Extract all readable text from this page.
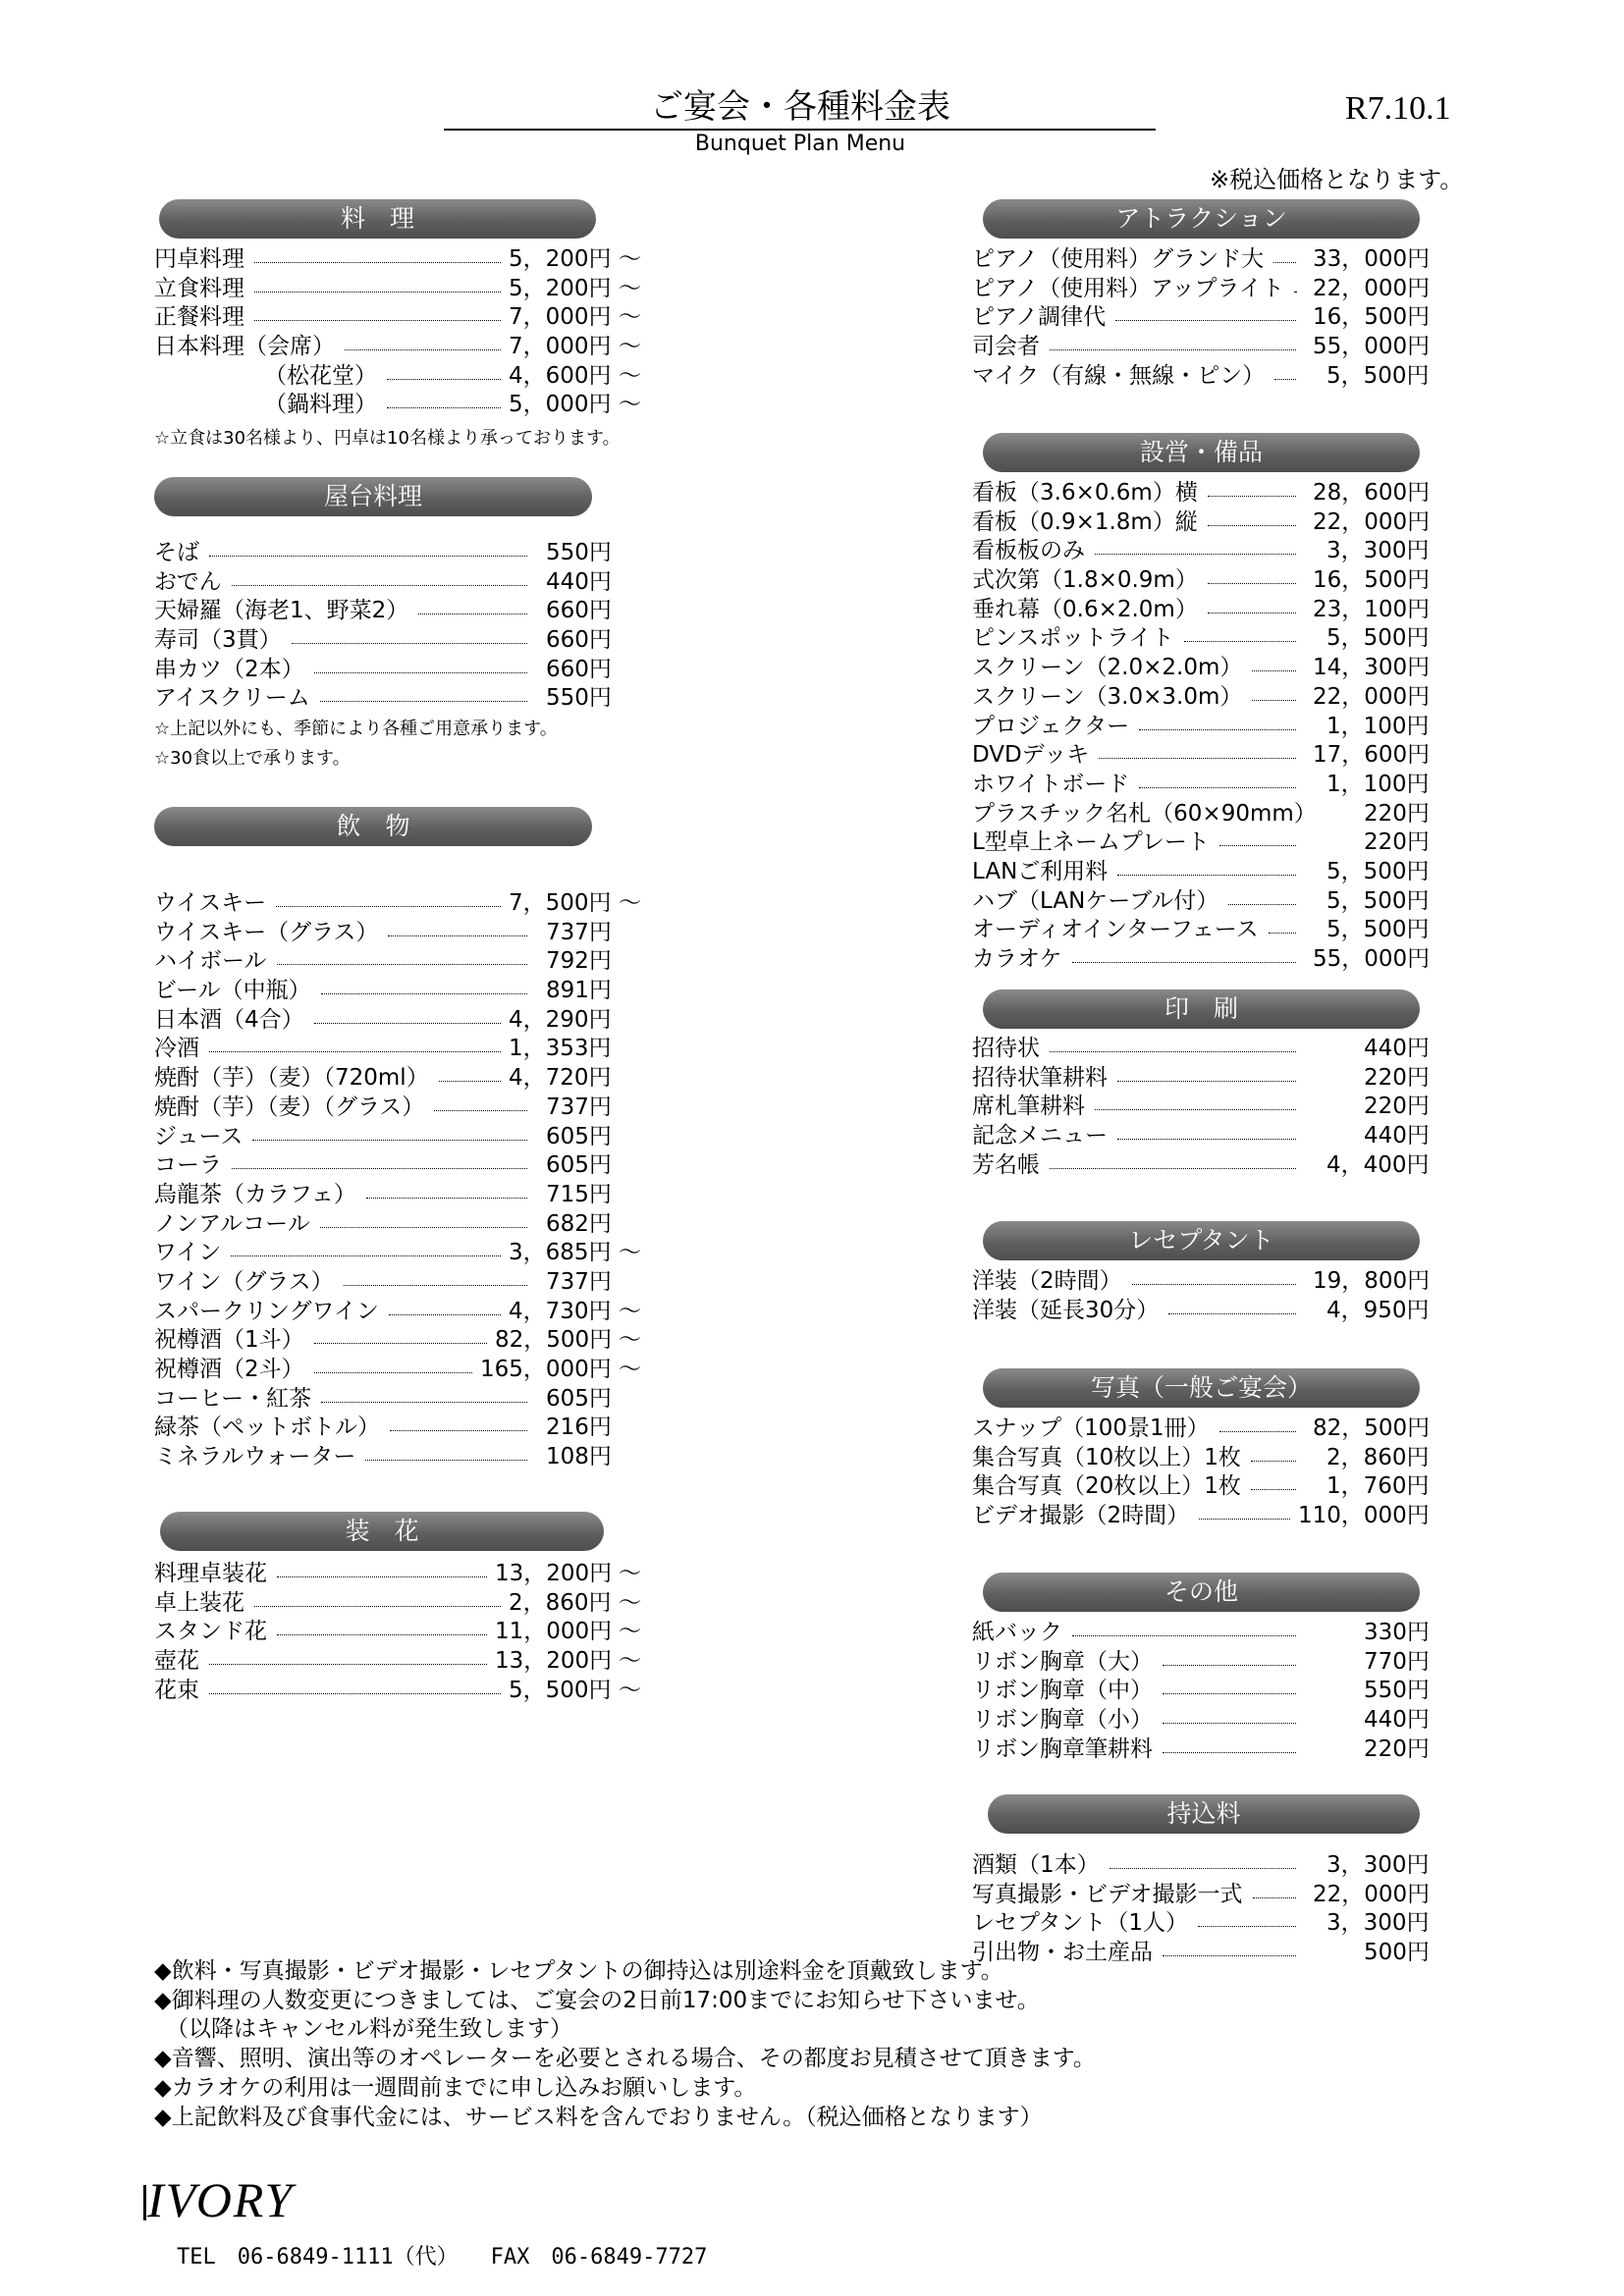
ご宴会・各種料金表
Bunquet Plan Menu
R7.10.1
※税込価格となります。
料　理
円卓料理	5，200円 〜
立食料理	5，200円 〜
正餐料理	7，000円 〜
日本料理（会席）	7，000円 〜
（松花堂）	4，600円 〜
（鍋料理）	5，000円 〜
☆立食は30名様より、円卓は10名様より承っております。
屋台料理
そば	550円
おでん	440円
天婦羅（海老1、野菜2）	660円
寿司（3貫）	660円
串カツ（2本）	660円
アイスクリーム	550円
☆上記以外にも、季節により各種ご用意承ります。
☆30食以上で承ります。
飲　物
ウイスキー	7，500円 〜
ウイスキー（グラス）	737円
ハイボール	792円
ビール（中瓶）	891円
日本酒（4合）	4，290円
冷酒	1，353円
焼酎（芋）（麦）（720ml）	4，720円
焼酎（芋）（麦）（グラス）	737円
ジュース	605円
コーラ	605円
烏龍茶（カラフェ）	715円
ノンアルコール	682円
ワイン	3，685円 〜
ワイン（グラス）	737円
スパークリングワイン	4，730円 〜
祝樽酒（1斗）	82，500円 〜
祝樽酒（2斗）	165，000円 〜
コーヒー・紅茶	605円
緑茶（ペットボトル）	216円
ミネラルウォーター	108円
装　花
料理卓装花	13，200円 〜
卓上装花	2，860円 〜
スタンド花	11，000円 〜
壺花	13，200円 〜
花束	5，500円 〜
アトラクション
ピアノ（使用料）グランド大 33，000円
ピアノ（使用料）アップライト 22，000円
ピアノ調律代	16，500円
司会者	55，000円
マイク（有線・無線・ピン）	5，500円
設営・備品
看板（3.6×0.6m）横	28，600円
看板（0.9×1.8m）縦	22，000円
看板板のみ	3，300円
式次第（1.8×0.9m）	16，500円
垂れ幕（0.6×2.0m）	23，100円
ピンスポットライト	5，500円
スクリーン（2.0×2.0m）	14，300円
スクリーン（3.0×3.0m）	22，000円
プロジェクター	1，100円
DVDデッキ	17，600円
ホワイトボード	1，100円
プラスチック名札（60×90mm） 220円
L型卓上ネームプレート	220円
LANご利用料	5，500円
ハブ（LANケーブル付）	5，500円
オーディオインターフェース	5，500円
カラオケ	55，000円
印　刷
招待状	440円
招待状筆耕料	220円
席札筆耕料	220円
記念メニュー	440円
芳名帳	4，400円
レセプタント
洋装（2時間）	19，800円
洋装（延長30分）	4，950円
写真（一般ご宴会）
スナップ（100景1冊）	82，500円
集合写真（10枚以上）1枚	2，860円
集合写真（20枚以上）1枚	1，760円
ビデオ撮影（2時間）	110，000円
その他
紙バック	330円
リボン胸章（大）	770円
リボン胸章（中）	550円
リボン胸章（小）	440円
リボン胸章筆耕料	220円
持込料
酒類（1本）	3，300円
写真撮影・ビデオ撮影一式	22，000円
レセプタント（1人）	3，300円
引出物・お土産品	500円
◆飲料・写真撮影・ビデオ撮影・レセプタントの御持込は別途料金を頂戴致します。
◆御料理の人数変更につきましては、ご宴会の2日前17:00までにお知らせ下さいませ。
（以降はキャンセル料が発生致します）
◆音響、照明、演出等のオペレーターを必要とされる場合、その都度お見積させて頂きます。
◆カラオケの利用は一週間前までに申し込みお願いします。
◆上記飲料及び食事代金には、サービス料を含んでおりません。（税込価格となります）
IVORY
TEL　06-6849-1111（代）　　FAX　06-6849-7727
